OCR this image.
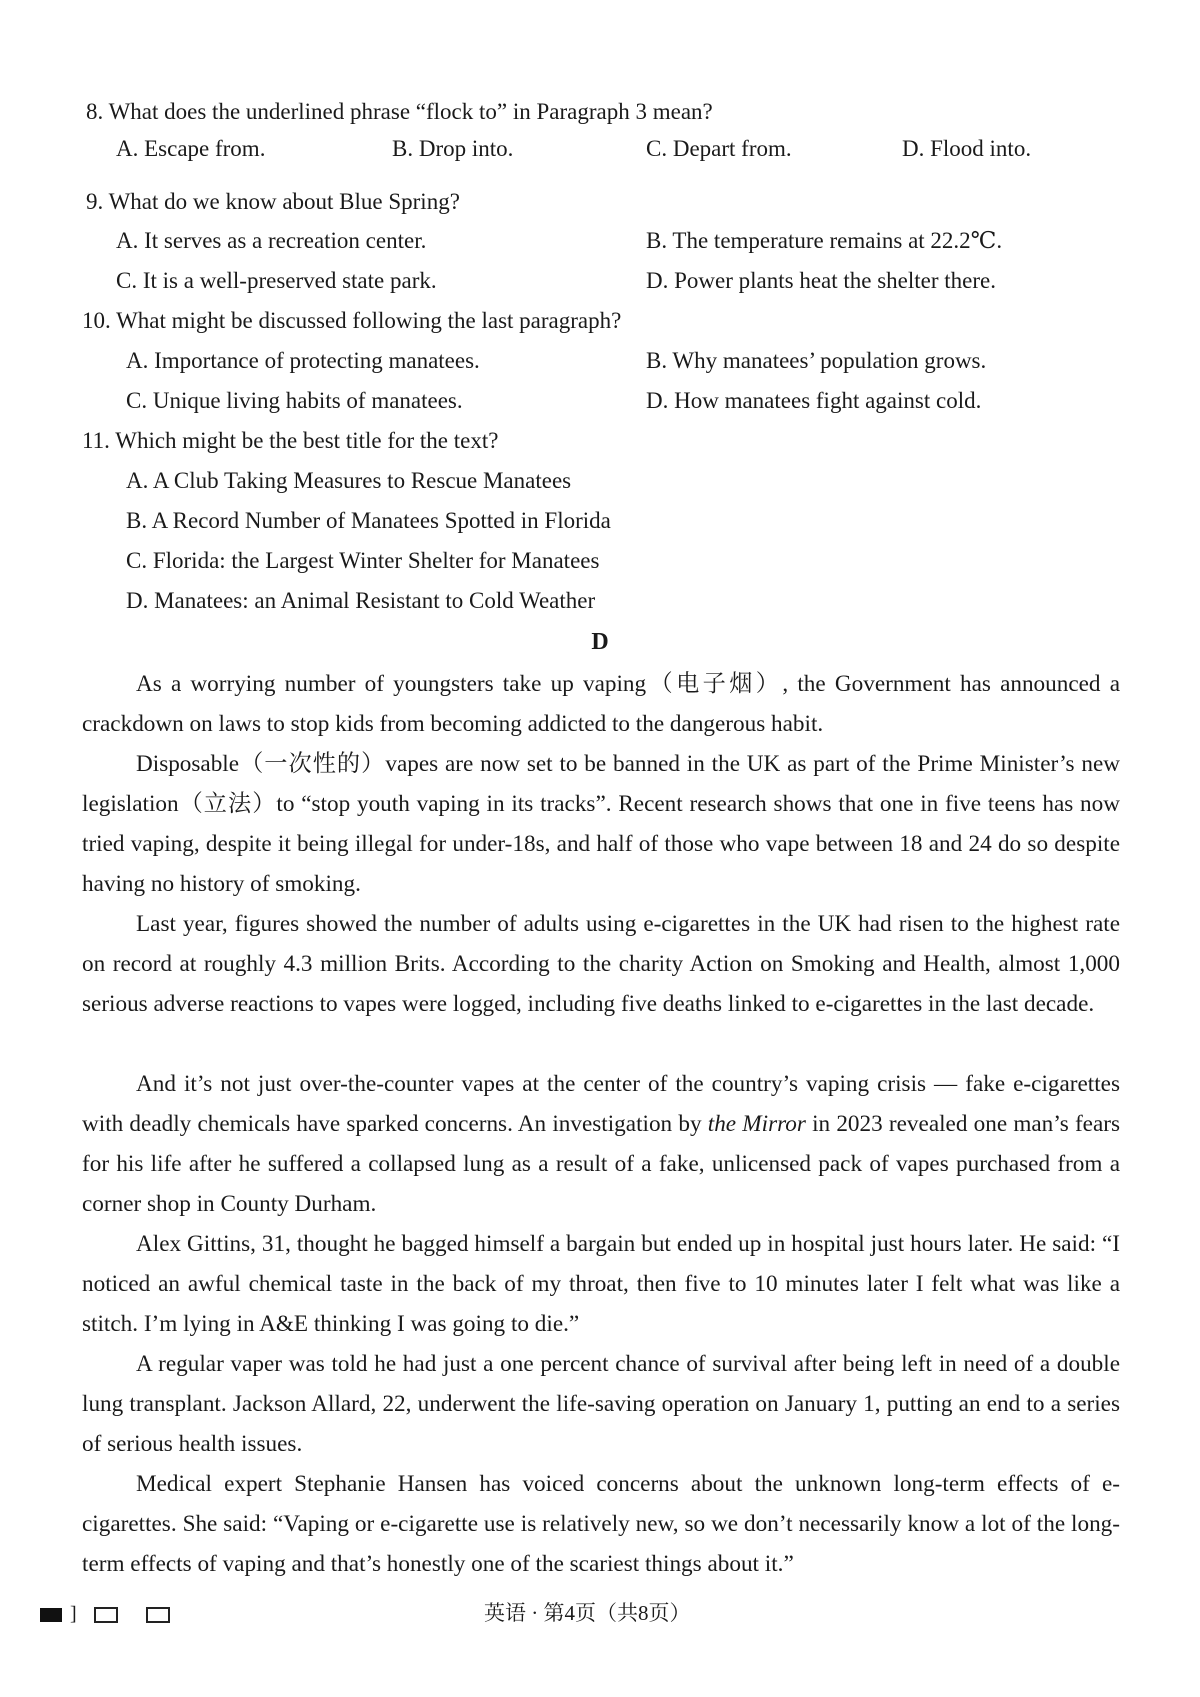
8. What does the underlined phrase “flock to” in Paragraph 3 mean?
A. Escape from.	B. Drop into.	C. Depart from.	D. Flood into.
9. What do we know about Blue Spring?
A. It serves as a recreation center.	B. The temperature remains at 22.2℃.
C. It is a well-preserved state park.	D. Power plants heat the shelter there.
10. What might be discussed following the last paragraph?
A. Importance of protecting manatees.	B. Why manatees’ population grows.
C. Unique living habits of manatees.	D. How manatees fight against cold.
11. Which might be the best title for the text?
A. A Club Taking Measures to Rescue Manatees
B. A Record Number of Manatees Spotted in Florida
C. Florida: the Largest Winter Shelter for Manatees
D. Manatees: an Animal Resistant to Cold Weather
D

As a worrying number of youngsters take up vaping（电子烟）, the Government has announced a crackdown on laws to stop kids from becoming addicted to the dangerous habit.

Disposable（一次性的）vapes are now set to be banned in the UK as part of the Prime Minister’s new legislation（立法）to “stop youth vaping in its tracks”. Recent research shows that one in five teens has now tried vaping, despite it being illegal for under-18s, and half of those who vape between 18 and 24 do so despite having no history of smoking.

Last year, figures showed the number of adults using e-cigarettes in the UK had risen to the highest rate on record at roughly 4.3 million Brits. According to the charity Action on Smoking and Health, almost 1,000 serious adverse reactions to vapes were logged, including five deaths linked to e-cigarettes in the last decade.

And it’s not just over-the-counter vapes at the center of the country’s vaping crisis — fake e-cigarettes with deadly chemicals have sparked concerns. An investigation by the Mirror in 2023 revealed one man’s fears for his life after he suffered a collapsed lung as a result of a fake, unlicensed pack of vapes purchased from a corner shop in County Durham.

Alex Gittins, 31, thought he bagged himself a bargain but ended up in hospital just hours later. He said: “I noticed an awful chemical taste in the back of my throat, then five to 10 minutes later I felt what was like a stitch. I’m lying in A&E thinking I was going to die.”

A regular vaper was told he had just a one percent chance of survival after being left in need of a double lung transplant. Jackson Allard, 22, underwent the life-saving operation on January 1, putting an end to a series of serious health issues.

Medical expert Stephanie Hansen has voiced concerns about the unknown long-term effects of e-cigarettes. She said: “Vaping or e-cigarette use is relatively new, so we don’t necessarily know a lot of the long-term effects of vaping and that’s honestly one of the scariest things about it.”

]	英语 · 第4页（共8页）
